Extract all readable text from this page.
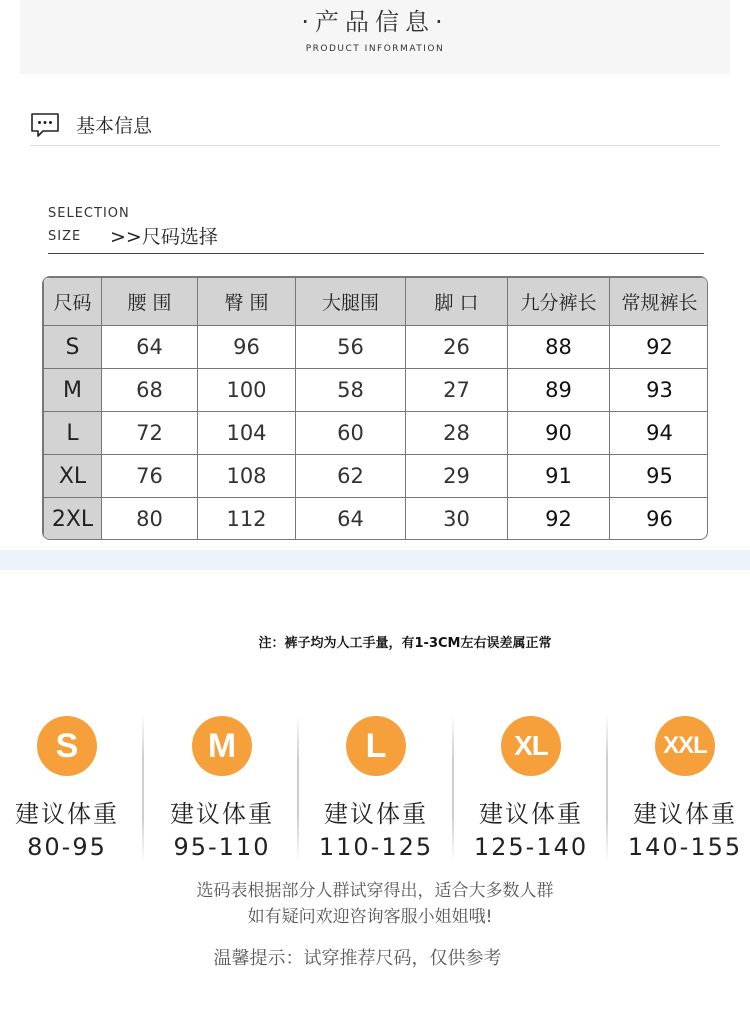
·产品信息·
PRODUCT INFORMATION
基本信息
SELECTION
SIZE >>尺码选择
尺码	腰 围	臀 围	大腿围	脚 口	九分裤长	常规裤长
S	64	96	56	26	88	92
M	68	100	58	27	89	93
L	72	104	60	28	90	94
XL	76	108	62	29	91	95
2XL	80	112	64	30	92	96
注：裤子均为人工手量，有1-3CM左右误差属正常
S
建议体重
80-95
M
建议体重
95-110
L
建议体重
110-125
XL
建议体重
125-140
XXL
建议体重
140-155
选码表根据部分人群试穿得出，适合大多数人群
如有疑问欢迎咨询客服小姐姐哦!
温馨提示：试穿推荐尺码，仅供参考
